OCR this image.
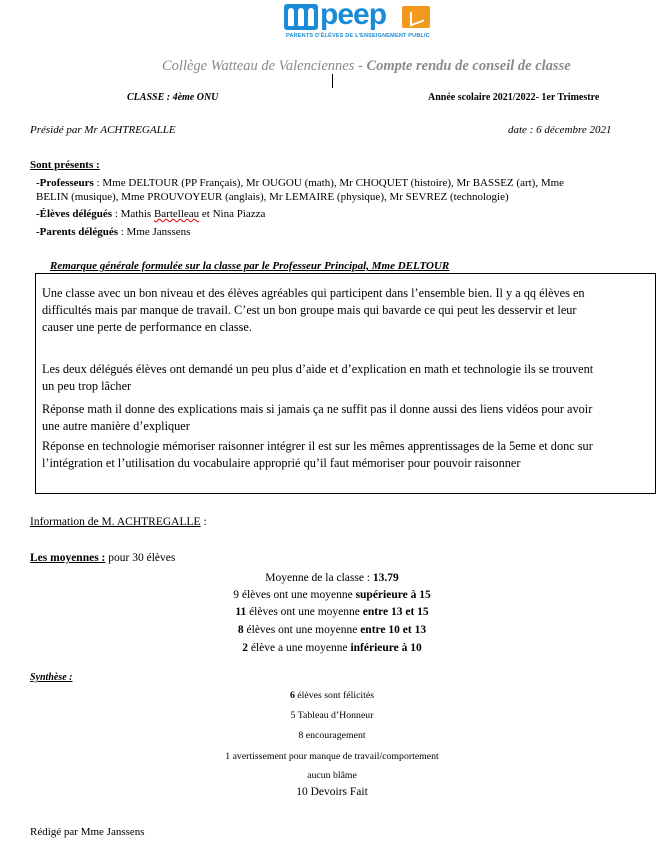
peep
PARENTS D'ÉLÈVES DE L'ENSEIGNEMENT PUBLIC
Collège Watteau de Valenciennes - Compte rendu de conseil de classe
CLASSE : 4ème ONU	Année scolaire 2021/2022- 1er Trimestre
Présidé par Mr ACHTREGALLE	date : 6 décembre 2021
Sont présents :
-Professeurs : Mme DELTOUR (PP Français), Mr OUGOU (math), Mr CHOQUET (histoire), Mr BASSEZ (art), Mme
BELIN (musique), Mme PROUVOYEUR (anglais), Mr LEMAIRE (physique), Mr SEVREZ (technologie)
-Élèves délégués : Mathis Bartelleau et Nina Piazza
-Parents délégués : Mme Janssens
Remarque générale formulée sur la classe par le Professeur Principal, Mme DELTOUR
Une classe avec un bon niveau et des élèves agréables qui participent dans l’ensemble bien. Il y a qq élèves en
difficultés mais par manque de travail. C’est un bon groupe mais qui bavarde ce qui peut les desservir et leur
causer une perte de performance en classe.
Les deux délégués élèves ont demandé un peu plus d’aide et d’explication en math et technologie ils se trouvent
un peu trop lâcher
Réponse math il donne des explications mais si jamais ça ne suffit pas il donne aussi des liens vidéos pour avoir
une autre manière d’expliquer
Réponse en technologie mémoriser raisonner intégrer il est sur les mêmes apprentissages de la 5eme et donc sur
l’intégration et l’utilisation du vocabulaire approprié qu’il faut mémoriser pour pouvoir raisonner
Information de M. ACHTREGALLE :
Les moyennes : pour 30 élèves
Moyenne de la classe : 13.79
9 élèves ont une moyenne supérieure à 15
11 élèves ont une moyenne entre 13 et 15
8 élèves ont une moyenne entre 10 et 13
2 élève a une moyenne inférieure à 10
Synthèse :
6 élèves sont félicités
5 Tableau d’Honneur
8 encouragement
1 avertissement pour manque de travail/comportement
aucun blâme
10 Devoirs Fait
Rédigé par Mme Janssens
